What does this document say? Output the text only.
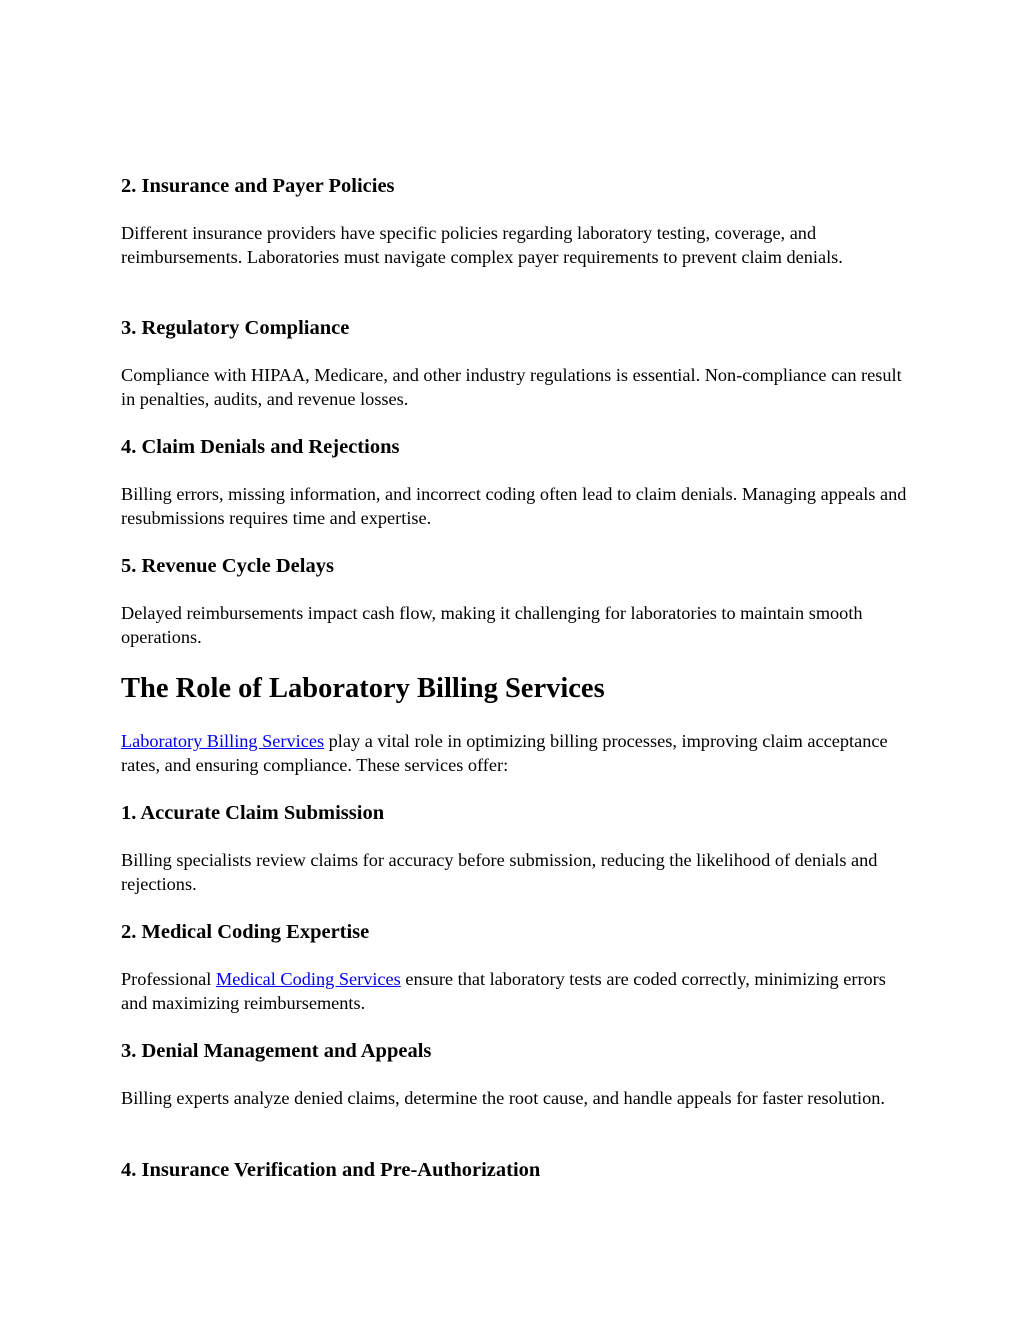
2. Insurance and Payer Policies

Different insurance providers have specific policies regarding laboratory testing, coverage, and reimbursements. Laboratories must navigate complex payer requirements to prevent claim denials.

3. Regulatory Compliance

Compliance with HIPAA, Medicare, and other industry regulations is essential. Non-compliance can result in penalties, audits, and revenue losses.

4. Claim Denials and Rejections

Billing errors, missing information, and incorrect coding often lead to claim denials. Managing appeals and resubmissions requires time and expertise.

5. Revenue Cycle Delays

Delayed reimbursements impact cash flow, making it challenging for laboratories to maintain smooth operations.

The Role of Laboratory Billing Services

Laboratory Billing Services play a vital role in optimizing billing processes, improving claim acceptance rates, and ensuring compliance. These services offer:

1. Accurate Claim Submission

Billing specialists review claims for accuracy before submission, reducing the likelihood of denials and rejections.

2. Medical Coding Expertise

Professional Medical Coding Services ensure that laboratory tests are coded correctly, minimizing errors and maximizing reimbursements.

3. Denial Management and Appeals

Billing experts analyze denied claims, determine the root cause, and handle appeals for faster resolution.

4. Insurance Verification and Pre-Authorization
